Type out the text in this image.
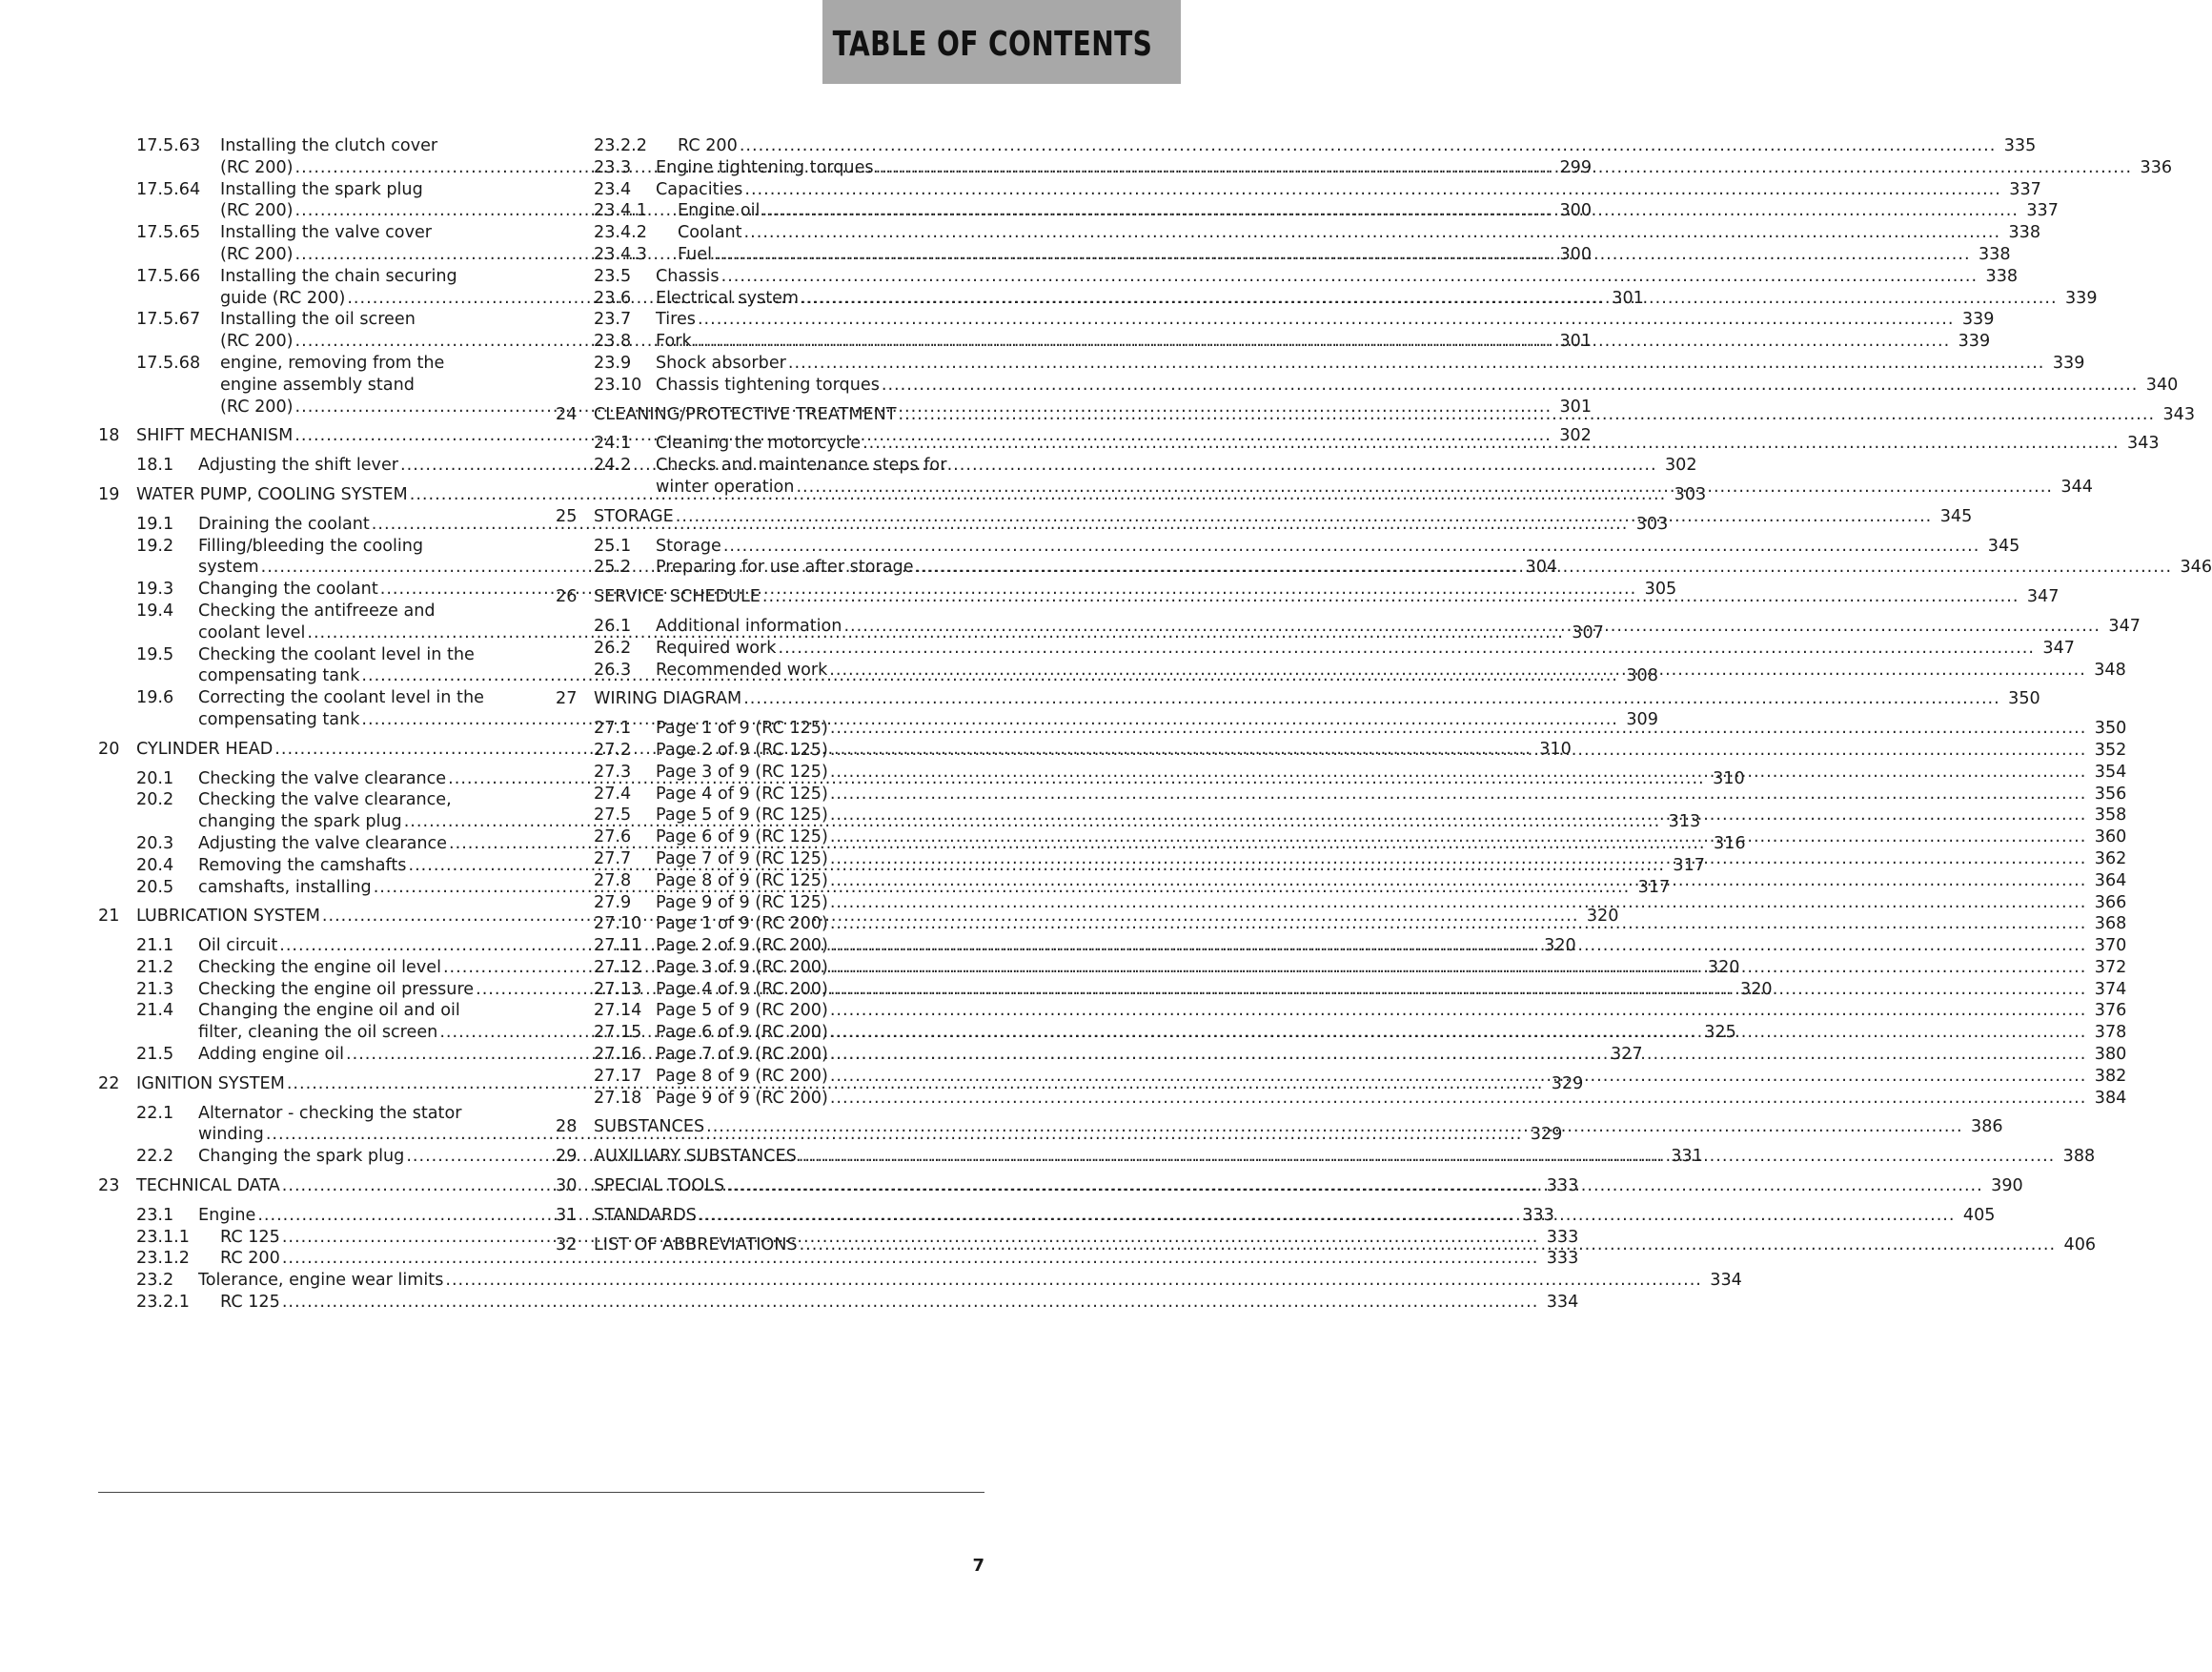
TABLE OF CONTENTS
17.5.63	Installing the clutch cover
(RC 200) .....	299
17.5.64	Installing the spark plug
(RC 200) .....	300
17.5.65	Installing the valve cover
(RC 200) .....	300
17.5.66	Installing the chain securing
guide (RC 200) .....	301
17.5.67	Installing the oil screen
(RC 200) .....	301
17.5.68	engine, removing from the
engine assembly stand
(RC 200) .....	301
18	SHIFT MECHANISM .....	302
18.1	Adjusting the shift lever .....	302
19	WATER PUMP, COOLING SYSTEM .....	303
19.1	Draining the coolant .....	303
19.2	Filling/bleeding the cooling
system .....	304
19.3	Changing the coolant .....	305
19.4	Checking the antifreeze and
coolant level .....	307
19.5	Checking the coolant level in the
compensating tank .....	308
19.6	Correcting the coolant level in the
compensating tank .....	309
20	CYLINDER HEAD .....	310
20.1	Checking the valve clearance .....	310
20.2	Checking the valve clearance,
changing the spark plug .....	313
20.3	Adjusting the valve clearance .....	316
20.4	Removing the camshafts .....	317
20.5	camshafts, installing .....	317
21	LUBRICATION SYSTEM .....	320
21.1	Oil circuit .....	320
21.2	Checking the engine oil level .....	320
21.3	Checking the engine oil pressure .....	320
21.4	Changing the engine oil and oil
filter, cleaning the oil screen .....	325
21.5	Adding engine oil .....	327
22	IGNITION SYSTEM .....	329
22.1	Alternator - checking the stator
winding .....	329
22.2	Changing the spark plug .....	331
23	TECHNICAL DATA .....	333
23.1	Engine .....	333
23.1.1	RC 125 .....	333
23.1.2	RC 200 .....	333
23.2	Tolerance, engine wear limits .....	334
23.2.1	RC 125 .....	334
23.2.2	RC 200 .....	335
23.3	Engine tightening torques .....	336
23.4	Capacities .....	337
23.4.1	Engine oil .....	337
23.4.2	Coolant .....	338
23.4.3	Fuel .....	338
23.5	Chassis .....	338
23.6	Electrical system .....	339
23.7	Tires .....	339
23.8	Fork .....	339
23.9	Shock absorber .....	339
23.10 Chassis tightening torques .....	340
24	CLEANING/PROTECTIVE TREATMENT .....	343
24.1	Cleaning the motorcycle .....	343
24.2	Checks and maintenance steps for
winter operation .....	344
25	STORAGE .....	345
25.1	Storage .....	345
25.2	Preparing for use after storage .....	346
26	SERVICE SCHEDULE .....	347
26.1	Additional information .....	347
26.2	Required work .....	347
26.3	Recommended work .....	348
27	WIRING DIAGRAM .....	350
27.1	Page 1 of 9 (RC 125) .....	350
27.2	Page 2 of 9 (RC 125) .....	352
27.3	Page 3 of 9 (RC 125) .....	354
27.4	Page 4 of 9 (RC 125) .....	356
27.5	Page 5 of 9 (RC 125) .....	358
27.6	Page 6 of 9 (RC 125) .....	360
27.7	Page 7 of 9 (RC 125) .....	362
27.8	Page 8 of 9 (RC 125) .....	364
27.9	Page 9 of 9 (RC 125) .....	366
27.10 Page 1 of 9 (RC 200) .....	368
27.11 Page 2 of 9 (RC 200) .....	370
27.12 Page 3 of 9 (RC 200) .....	372
27.13 Page 4 of 9 (RC 200) .....	374
27.14 Page 5 of 9 (RC 200) .....	376
27.15 Page 6 of 9 (RC 200) .....	378
27.16 Page 7 of 9 (RC 200) .....	380
27.17 Page 8 of 9 (RC 200) .....	382
27.18 Page 9 of 9 (RC 200) .....	384
28	SUBSTANCES .....	386
29	AUXILIARY SUBSTANCES .....	388
30	SPECIAL TOOLS .....	390
31	STANDARDS .....	405
32	LIST OF ABBREVIATIONS .....	406
7
